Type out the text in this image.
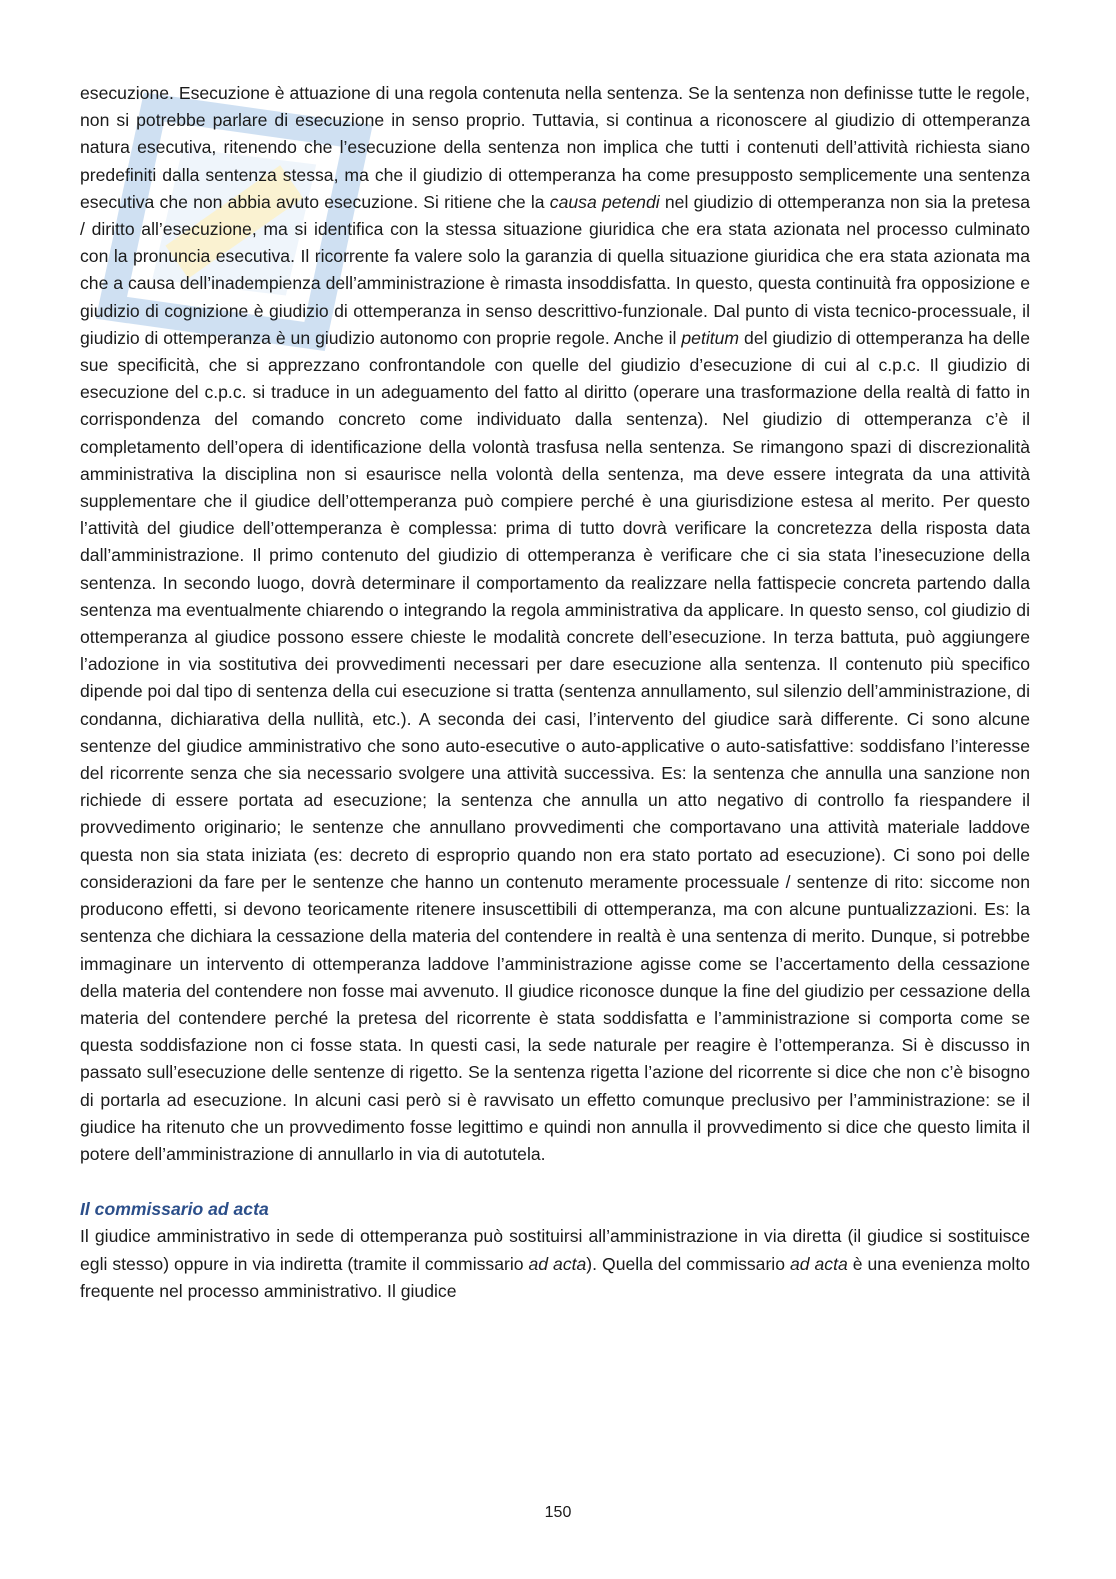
esecuzione. Esecuzione è attuazione di una regola contenuta nella sentenza. Se la sentenza non definisse tutte le regole, non si potrebbe parlare di esecuzione in senso proprio. Tuttavia, si continua a riconoscere al giudizio di ottemperanza natura esecutiva, ritenendo che l’esecuzione della sentenza non implica che tutti i contenuti dell’attività richiesta siano predefiniti dalla sentenza stessa, ma che il giudizio di ottemperanza ha come presupposto semplicemente una sentenza esecutiva che non abbia avuto esecuzione. Si ritiene che la causa petendi nel giudizio di ottemperanza non sia la pretesa / diritto all’esecuzione, ma si identifica con la stessa situazione giuridica che era stata azionata nel processo culminato con la pronuncia esecutiva. Il ricorrente fa valere solo la garanzia di quella situazione giuridica che era stata azionata ma che a causa dell’inadempienza dell’amministrazione è rimasta insoddisfatta. In questo, questa continuità fra opposizione e giudizio di cognizione è giudizio di ottemperanza in senso descrittivo-funzionale. Dal punto di vista tecnico-processuale, il giudizio di ottemperanza è un giudizio autonomo con proprie regole. Anche il petitum del giudizio di ottemperanza ha delle sue specificità, che si apprezzano confrontandole con quelle del giudizio d’esecuzione di cui al c.p.c. Il giudizio di esecuzione del c.p.c. si traduce in un adeguamento del fatto al diritto (operare una trasformazione della realtà di fatto in corrispondenza del comando concreto come individuato dalla sentenza). Nel giudizio di ottemperanza c’è il completamento dell’opera di identificazione della volontà trasfusa nella sentenza. Se rimangono spazi di discrezionalità amministrativa la disciplina non si esaurisce nella volontà della sentenza, ma deve essere integrata da una attività supplementare che il giudice dell’ottemperanza può compiere perché è una giurisdizione estesa al merito. Per questo l’attività del giudice dell’ottemperanza è complessa: prima di tutto dovrà verificare la concretezza della risposta data dall’amministrazione. Il primo contenuto del giudizio di ottemperanza è verificare che ci sia stata l’inesecuzione della sentenza. In secondo luogo, dovrà determinare il comportamento da realizzare nella fattispecie concreta partendo dalla sentenza ma eventualmente chiarendo o integrando la regola amministrativa da applicare. In questo senso, col giudizio di ottemperanza al giudice possono essere chieste le modalità concrete dell’esecuzione. In terza battuta, può aggiungere l’adozione in via sostitutiva dei provvedimenti necessari per dare esecuzione alla sentenza. Il contenuto più specifico dipende poi dal tipo di sentenza della cui esecuzione si tratta (sentenza annullamento, sul silenzio dell’amministrazione, di condanna, dichiarativa della nullità, etc.). A seconda dei casi, l’intervento del giudice sarà differente. Ci sono alcune sentenze del giudice amministrativo che sono auto-esecutive o auto-applicative o auto-satisfattive: soddisfano l’interesse del ricorrente senza che sia necessario svolgere una attività successiva. Es: la sentenza che annulla una sanzione non richiede di essere portata ad esecuzione; la sentenza che annulla un atto negativo di controllo fa riespandere il provvedimento originario; le sentenze che annullano provvedimenti che comportavano una attività materiale laddove questa non sia stata iniziata (es: decreto di esproprio quando non era stato portato ad esecuzione). Ci sono poi delle considerazioni da fare per le sentenze che hanno un contenuto meramente processuale / sentenze di rito: siccome non producono effetti, si devono teoricamente ritenere insuscettibili di ottemperanza, ma con alcune puntualizzazioni. Es: la sentenza che dichiara la cessazione della materia del contendere in realtà è una sentenza di merito. Dunque, si potrebbe immaginare un intervento di ottemperanza laddove l’amministrazione agisse come se l’accertamento della cessazione della materia del contendere non fosse mai avvenuto. Il giudice riconosce dunque la fine del giudizio per cessazione della materia del contendere perché la pretesa del ricorrente è stata soddisfatta e l’amministrazione si comporta come se questa soddisfazione non ci fosse stata. In questi casi, la sede naturale per reagire è l’ottemperanza. Si è discusso in passato sull’esecuzione delle sentenze di rigetto. Se la sentenza rigetta l’azione del ricorrente si dice che non c’è bisogno di portarla ad esecuzione. In alcuni casi però si è ravvisato un effetto comunque preclusivo per l’amministrazione: se il giudice ha ritenuto che un provvedimento fosse legittimo e quindi non annulla il provvedimento si dice che questo limita il potere dell’amministrazione di annullarlo in via di autotutela.

Il commissario ad acta

Il giudice amministrativo in sede di ottemperanza può sostituirsi all’amministrazione in via diretta (il giudice si sostituisce egli stesso) oppure in via indiretta (tramite il commissario ad acta). Quella del commissario ad acta è una evenienza molto frequente nel processo amministrativo. Il giudice

150
